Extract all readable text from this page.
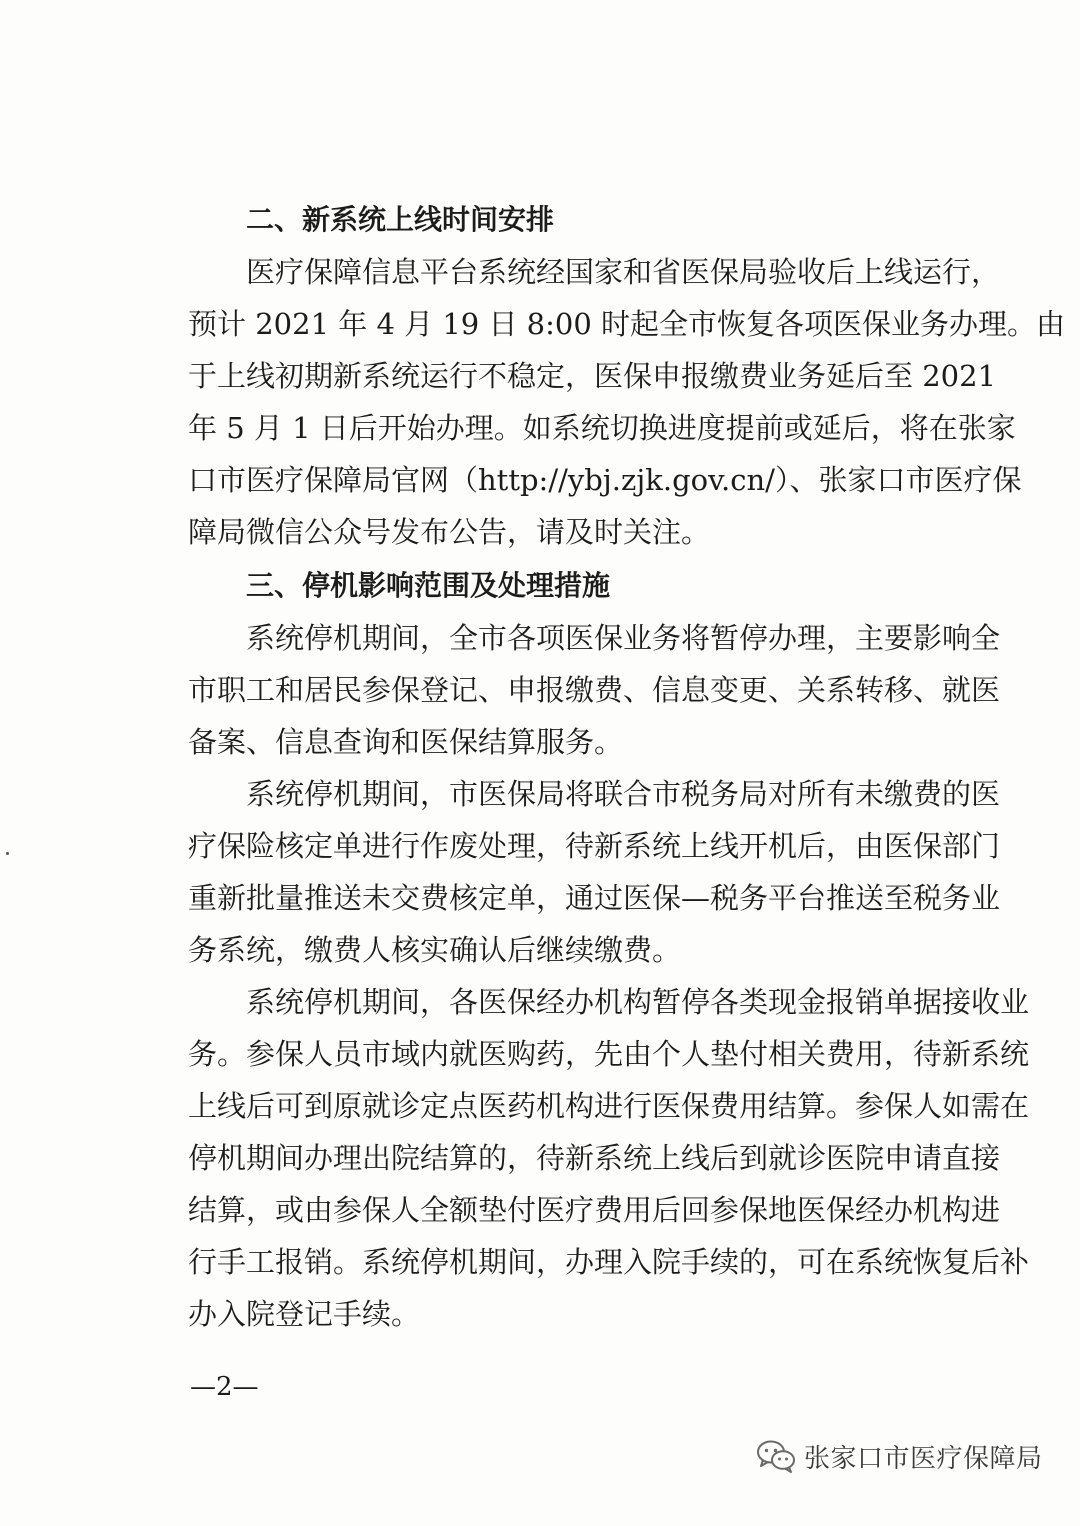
二、新系统上线时间安排
医疗保障信息平台系统经国家和省医保局验收后上线运行，
预计 2021 年 4 月 19 日 8:00 时起全市恢复各项医保业务办理。由
于上线初期新系统运行不稳定，医保申报缴费业务延后至 2021
年 5 月 1 日后开始办理。如系统切换进度提前或延后，将在张家
口市医疗保障局官网（http://ybj.zjk.gov.cn/）、张家口市医疗保
障局微信公众号发布公告，请及时关注。
三、停机影响范围及处理措施
系统停机期间，全市各项医保业务将暂停办理，主要影响全
市职工和居民参保登记、申报缴费、信息变更、关系转移、就医
备案、信息查询和医保结算服务。
系统停机期间，市医保局将联合市税务局对所有未缴费的医
疗保险核定单进行作废处理，待新系统上线开机后，由医保部门
重新批量推送未交费核定单，通过医保—税务平台推送至税务业
务系统，缴费人核实确认后继续缴费。
系统停机期间，各医保经办机构暂停各类现金报销单据接收业
务。参保人员市域内就医购药，先由个人垫付相关费用，待新系统
上线后可到原就诊定点医药机构进行医保费用结算。参保人如需在
停机期间办理出院结算的，待新系统上线后到就诊医院申请直接
结算，或由参保人全额垫付医疗费用后回参保地医保经办机构进
行手工报销。系统停机期间，办理入院手续的，可在系统恢复后补
办入院登记手续。
—2—
张家口市医疗保障局
